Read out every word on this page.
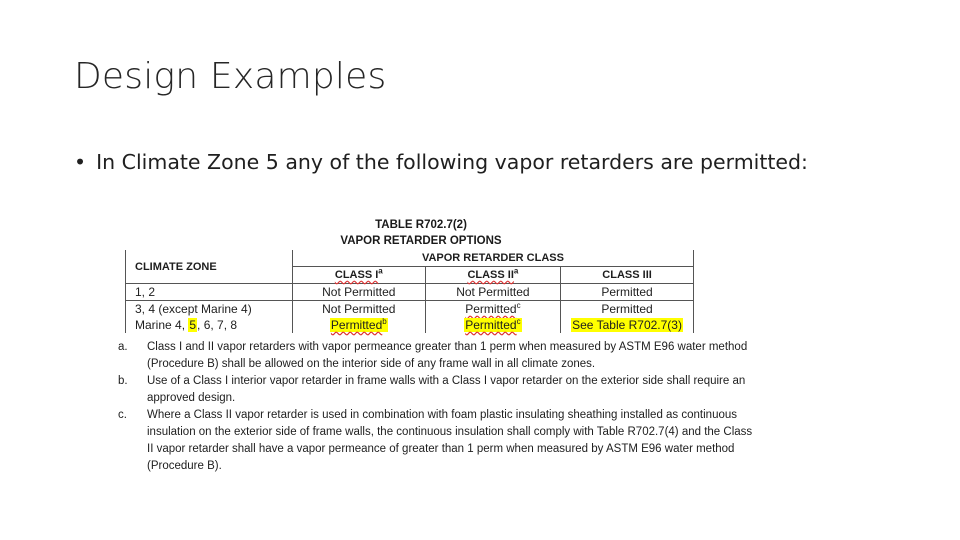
Design Examples
• In Climate Zone 5 any of the following vapor retarders are permitted:
TABLE R702.7(2)
VAPOR RETARDER OPTIONS
CLIMATE ZONE	VAPOR RETARDER CLASS		
	CLASS $I^a$	CLASS $II^a$	CLASS III
1, 2	Not Permitted	Not Permitted	Permitted
3, 4 (except Marine 4)	Not Permitted	Permitted$^c$	Permitted
Marine 4, 5, 6, 7, 8	Permitted$^b$	Permitted$^c$	See Table R702.7(3)
a.	Class I and II vapor retarders with vapor permeance greater than 1 perm when measured by ASTM E96 water method (Procedure B) shall be allowed on the interior side of any frame wall in all climate zones.
b.	Use of a Class I interior vapor retarder in frame walls with a Class I vapor retarder on the exterior side shall require an approved design.
c.	Where a Class II vapor retarder is used in combination with foam plastic insulating sheathing installed as continuous insulation on the exterior side of frame walls, the continuous insulation shall comply with Table R702.7(4) and the Class II vapor retarder shall have a vapor permeance of greater than 1 perm when measured by ASTM E96 water method (Procedure B).
